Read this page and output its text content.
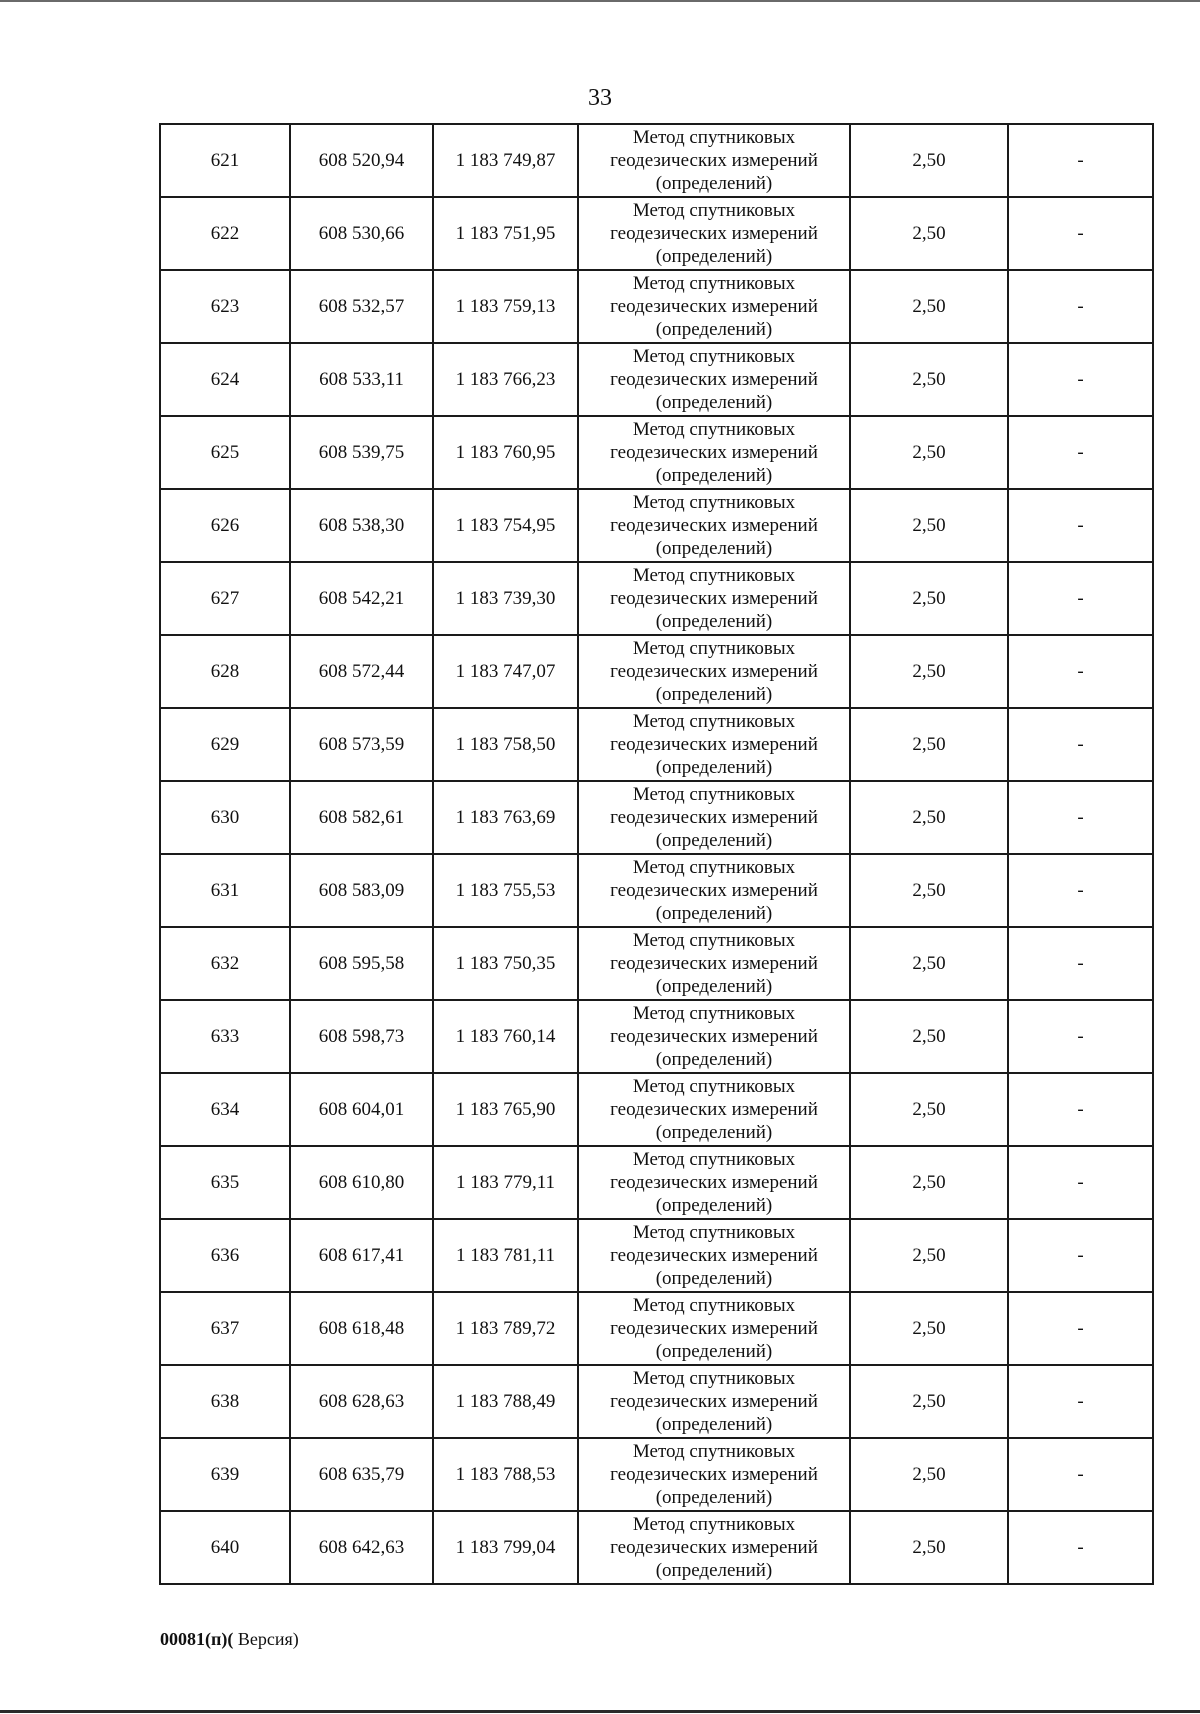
33
621	608 520,94	1 183 749,87	Метод спутниковых
геодезических измерений
(определений)	2,50	-
622	608 530,66	1 183 751,95	Метод спутниковых
геодезических измерений
(определений)	2,50	-
623	608 532,57	1 183 759,13	Метод спутниковых
геодезических измерений
(определений)	2,50	-
624	608 533,11	1 183 766,23	Метод спутниковых
геодезических измерений
(определений)	2,50	-
625	608 539,75	1 183 760,95	Метод спутниковых
геодезических измерений
(определений)	2,50	-
626	608 538,30	1 183 754,95	Метод спутниковых
геодезических измерений
(определений)	2,50	-
627	608 542,21	1 183 739,30	Метод спутниковых
геодезических измерений
(определений)	2,50	-
628	608 572,44	1 183 747,07	Метод спутниковых
геодезических измерений
(определений)	2,50	-
629	608 573,59	1 183 758,50	Метод спутниковых
геодезических измерений
(определений)	2,50	-
630	608 582,61	1 183 763,69	Метод спутниковых
геодезических измерений
(определений)	2,50	-
631	608 583,09	1 183 755,53	Метод спутниковых
геодезических измерений
(определений)	2,50	-
632	608 595,58	1 183 750,35	Метод спутниковых
геодезических измерений
(определений)	2,50	-
633	608 598,73	1 183 760,14	Метод спутниковых
геодезических измерений
(определений)	2,50	-
634	608 604,01	1 183 765,90	Метод спутниковых
геодезических измерений
(определений)	2,50	-
635	608 610,80	1 183 779,11	Метод спутниковых
геодезических измерений
(определений)	2,50	-
636	608 617,41	1 183 781,11	Метод спутниковых
геодезических измерений
(определений)	2,50	-
637	608 618,48	1 183 789,72	Метод спутниковых
геодезических измерений
(определений)	2,50	-
638	608 628,63	1 183 788,49	Метод спутниковых
геодезических измерений
(определений)	2,50	-
639	608 635,79	1 183 788,53	Метод спутниковых
геодезических измерений
(определений)	2,50	-
640	608 642,63	1 183 799,04	Метод спутниковых
геодезических измерений
(определений)	2,50	-
00081(п)( Версия)
